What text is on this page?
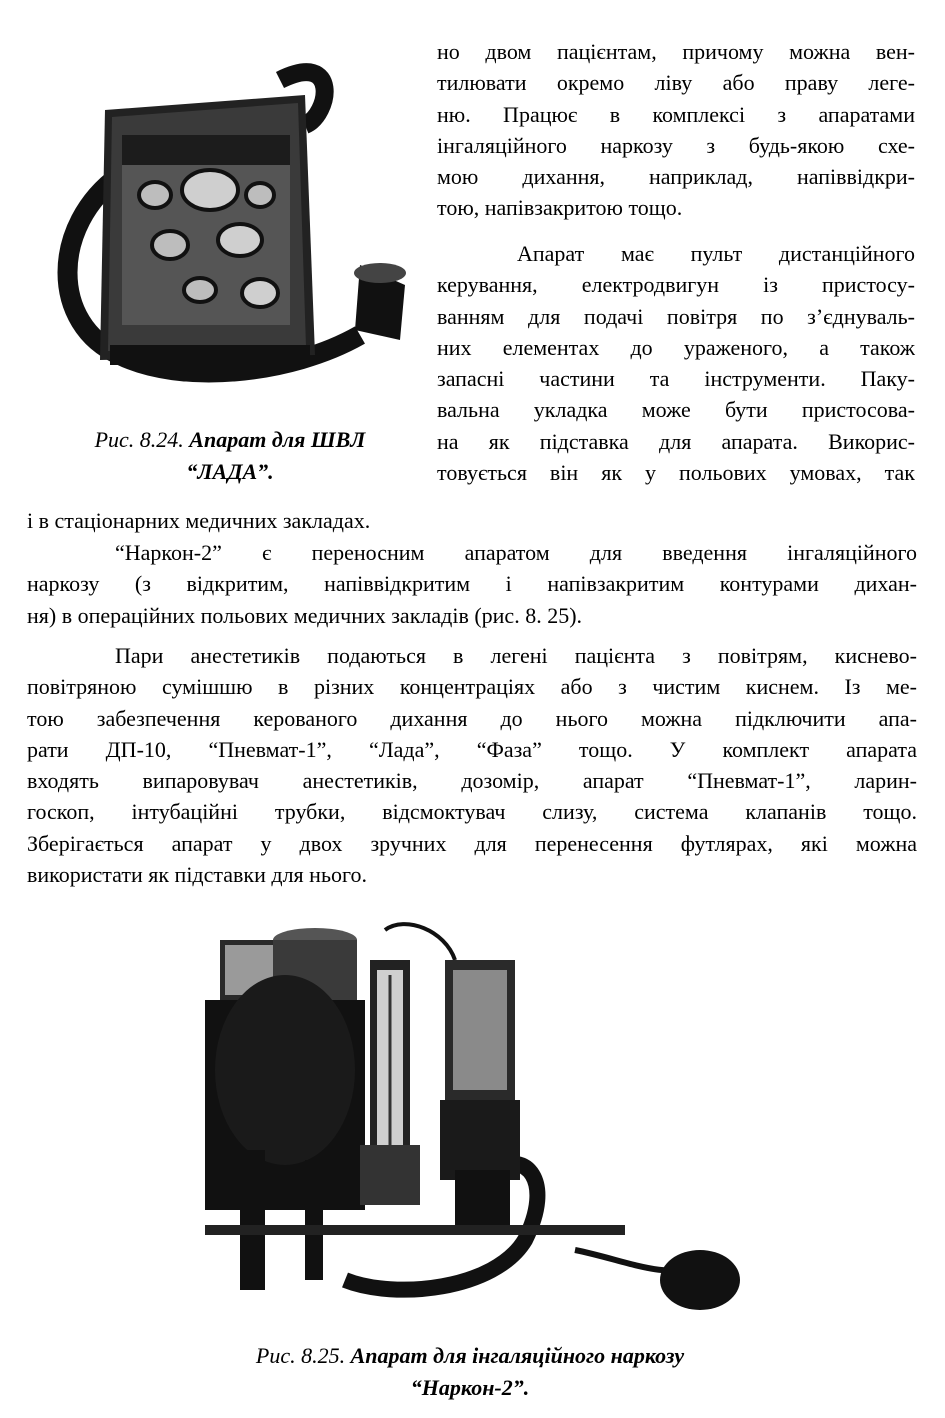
Рис. 8.24. Апарат для ШВЛ
“ЛАДА”.
но двом пацієнтам, причому можна вен-
тилювати окремо ліву або праву леге-
ню. Працює в комплексі з апаратами
інгаляційного наркозу з будь-якою схе-
мою дихання, наприклад, напіввідкри-
тою, напівзакритою тощо.
Апарат має пульт дистанційного
керування, електродвигун із пристосу-
ванням для подачі повітря по з’єднуваль-
них елементах до ураженого, а також
запасні частини та інструменти. Паку-
вальна укладка може бути пристосова-
на як підставка для апарата. Викорис-
товується він як у польових умовах, так
і в стаціонарних медичних закладах.
“Наркон-2” є переносним апаратом для введення інгаляційного
наркозу (з відкритим, напіввідкритим і напівзакритим контурами дихан-
ня) в операційних польових медичних закладів (рис. 8. 25).
Пари анестетиків подаються в легені пацієнта з повітрям, киснево-
повітряною сумішшю в різних концентраціях або з чистим киснем. Із ме-
тою забезпечення керованого дихання до нього можна підключити апа-
рати ДП-10, “Пневмат-1”, “Лада”, “Фаза” тощо. У комплект апарата
входять випаровувач анестетиків, дозомір, апарат “Пневмат-1”, ларин-
госкоп, інтубаційні трубки, відсмоктувач слизу, система клапанів тощо.
Зберігається апарат у двох зручних для перенесення футлярах, які можна
використати як підставки для нього.
Рис. 8.25. Апарат для інгаляційного наркозу
“Наркон-2”.
